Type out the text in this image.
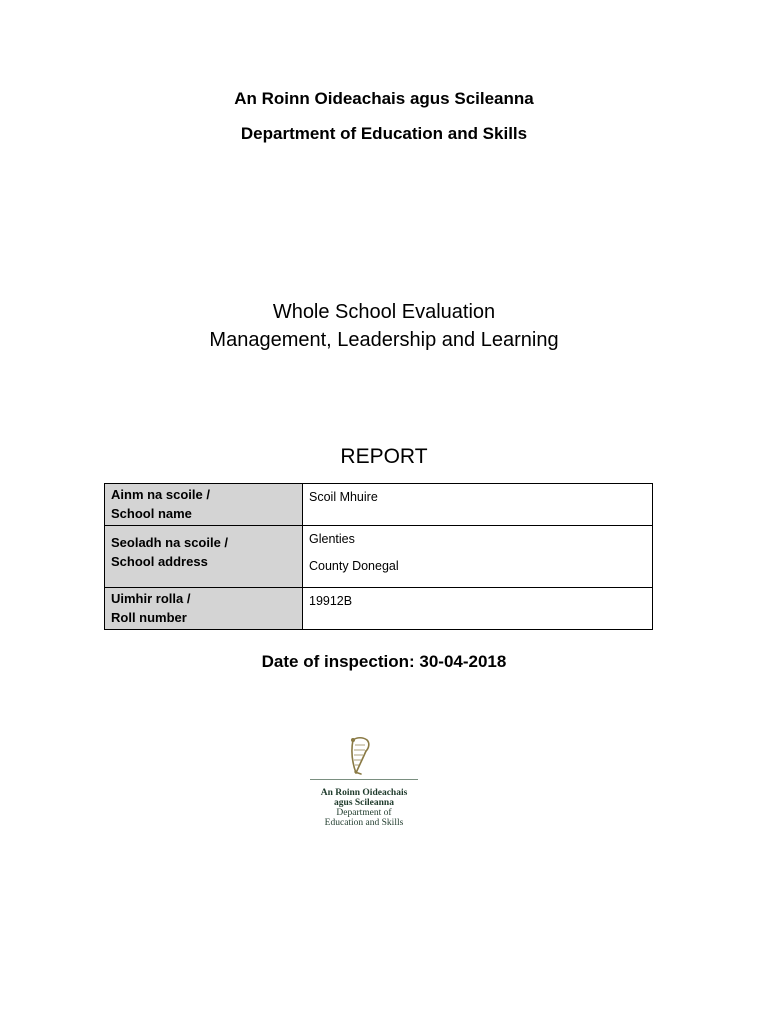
An Roinn Oideachais agus Scileanna
Department of Education and Skills
Whole School Evaluation
Management, Leadership and Learning
REPORT
Ainm na scoile /
School name	Scoil Mhuire

Seoladh na scoile /
School address	Glenties
County Donegal

Uimhir rolla /
Roll number	19912B
Date of inspection: 30-04-2018
An Roinn Oideachais
agus Scileanna
Department of
Education and Skills
